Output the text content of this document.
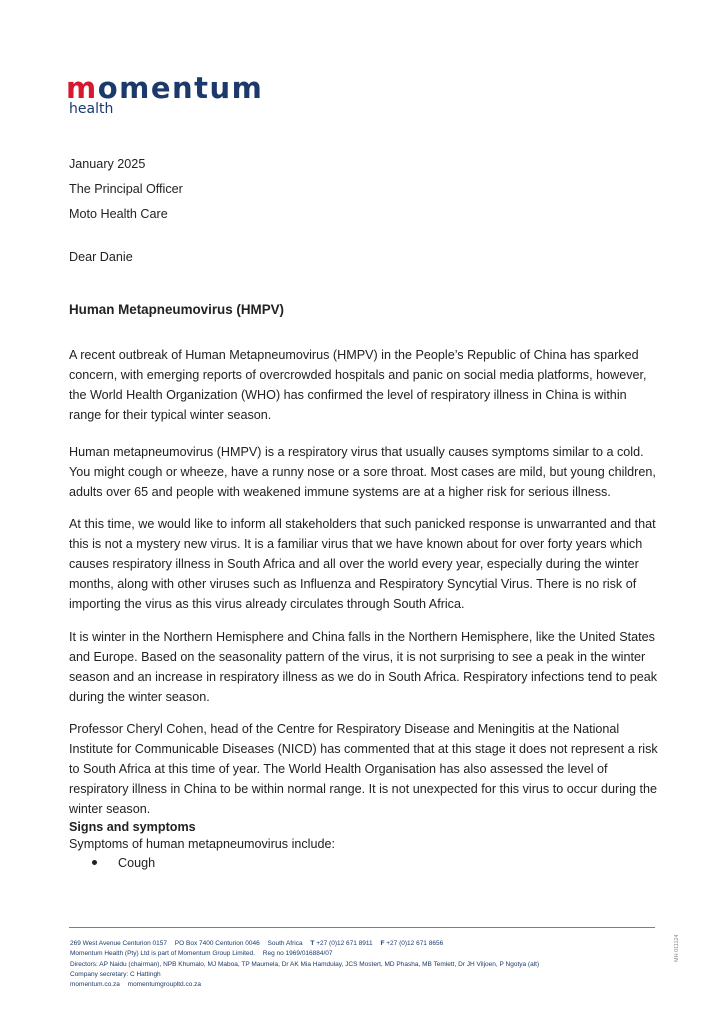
momentum
health
January 2025
The Principal Officer
Moto Health Care
Dear Danie
Human Metapneumovirus (HMPV)
A recent outbreak of Human Metapneumovirus (HMPV) in the People’s Republic of China has sparked concern, with emerging reports of overcrowded hospitals and panic on social media platforms, however, the World Health Organization (WHO) has confirmed the level of respiratory illness in China is within range for their typical winter season.
Human metapneumovirus (HMPV) is a respiratory virus that usually causes symptoms similar to a cold. You might cough or wheeze, have a runny nose or a sore throat. Most cases are mild, but young children, adults over 65 and people with weakened immune systems are at a higher risk for serious illness.
At this time, we would like to inform all stakeholders that such panicked response is unwarranted and that this is not a mystery new virus. It is a familiar virus that we have known about for over forty years which causes respiratory illness in South Africa and all over the world every year, especially during the winter months, along with other viruses such as Influenza and Respiratory Syncytial Virus. There is no risk of importing the virus as this virus already circulates through South Africa.
It is winter in the Northern Hemisphere and China falls in the Northern Hemisphere, like the United States and Europe. Based on the seasonality pattern of the virus, it is not surprising to see a peak in the winter season and an increase in respiratory illness as we do in South Africa. Respiratory infections tend to peak during the winter season.
Professor Cheryl Cohen, head of the Centre for Respiratory Disease and Meningitis at the National Institute for Communicable Diseases (NICD) has commented that at this stage it does not represent a risk to South Africa at this time of year. The World Health Organisation has also assessed the level of respiratory illness in China to be within normal range. It is not unexpected for this virus to occur during the winter season.
Signs and symptoms
Symptoms of human metapneumovirus include:
Cough
269 West Avenue Centurion 0157 PO Box 7400 Centurion 0046 South Africa T +27 (0)12 671 8911 F +27 (0)12 671 8656
Momentum Health (Pty) Ltd is part of Momentum Group Limited. Reg no 1969/016884/07
Directors: AP Naidu (chairman), NPB Khumalo, MJ Maboa, TP Maumela, Dr AK Mia Hamdulay, JCS Mostert, MD Phasha, MB Temlett, Dr JH Viljoen, P Ngotya (alt)
Company secretary: C Hattingh
momentum.co.za momentumgroupltd.co.za
MH 011124
